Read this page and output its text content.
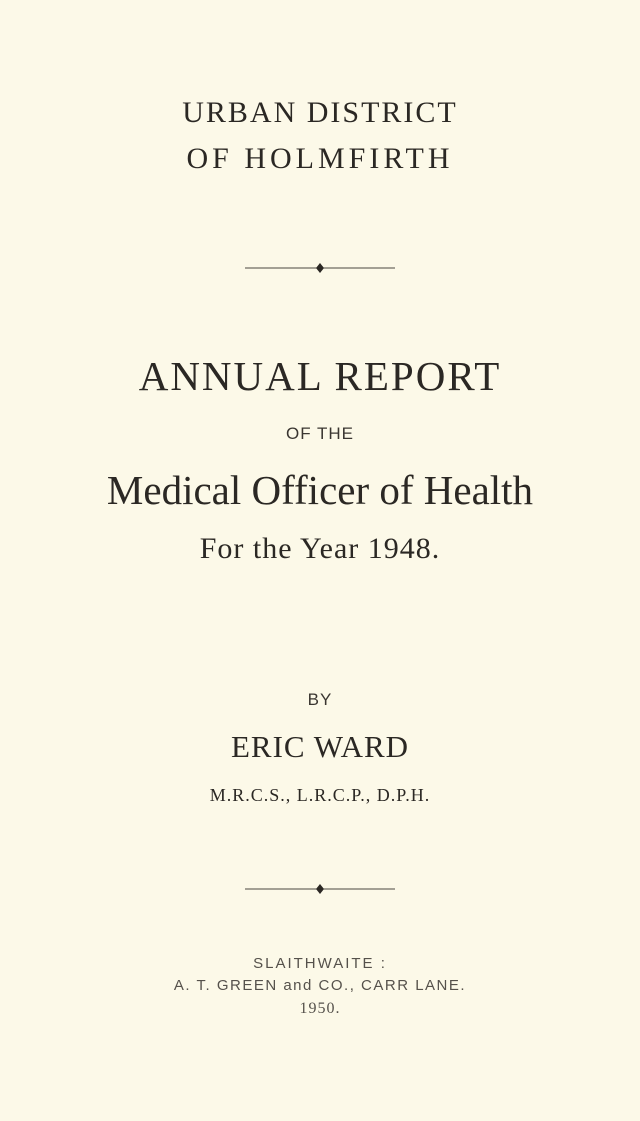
URBAN DISTRICT
OF HOLMFIRTH
ANNUAL REPORT
OF THE
Medical Officer of Health
For the Year 1948.
BY
ERIC WARD
M.R.C.S., L.R.C.P., D.P.H.
SLAITHWAITE :
A. T. GREEN and CO., CARR LANE.
1950.
